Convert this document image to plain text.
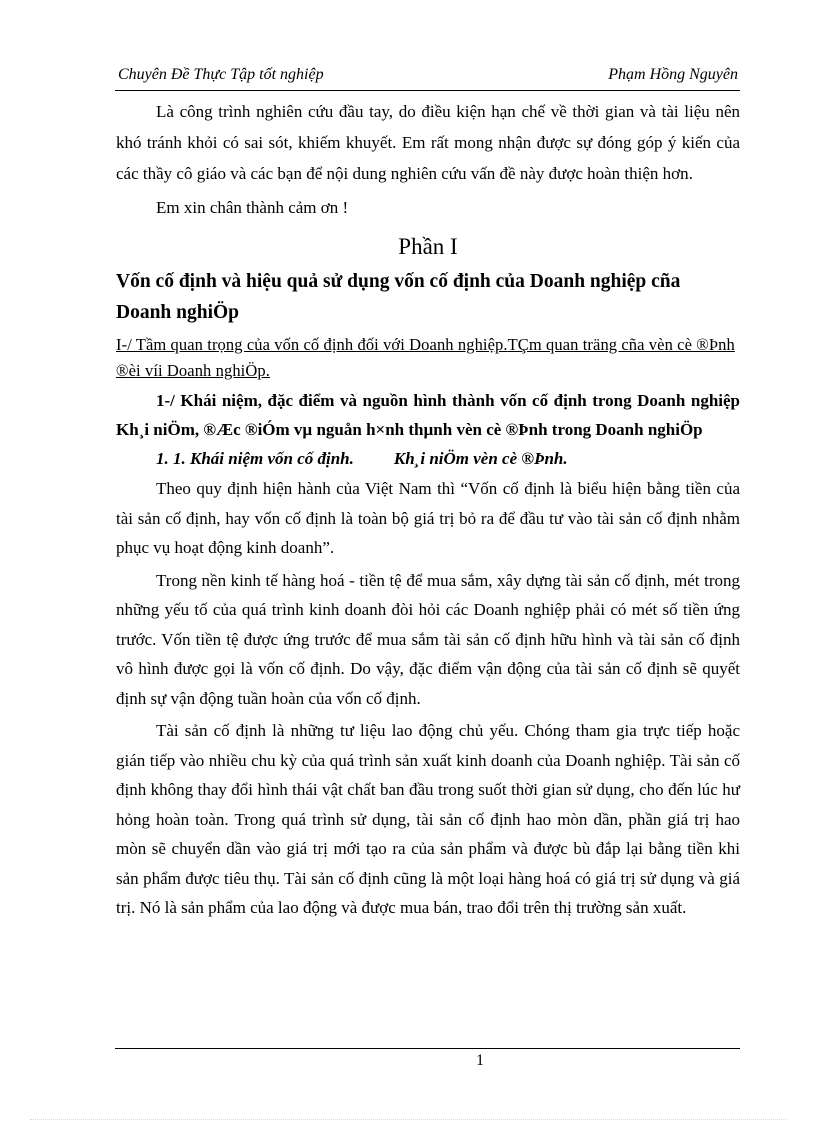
Chuyên Đề Thực Tập tốt nghiệp	Phạm Hồng Nguyên

Là công trình nghiên cứu đầu tay, do điều kiện hạn chế về thời gian và tài liệu nên khó tránh khỏi có sai sót, khiếm khuyết. Em rất mong nhận được sự đóng góp ý kiến của các thầy cô giáo và các bạn để nội dung nghiên cứu vấn đề này được hoàn thiện hơn.

Em xin chân thành cảm ơn !

Phần I
Vốn cố định và hiệu quả sử dụng vốn cố định của Doanh nghiệp cña Doanh nghiÖp
I-/ Tầm quan trọng của vốn cố định đối với Doanh nghiệp.TÇm quan träng cña vèn cè ®Þnh ®èi víi Doanh nghiÖp.

1-/ Khái niệm, đặc điểm và nguồn hình thành vốn cố định trong Doanh nghiệp Kh¸i niÖm, ®Æc ®iÓm vµ nguån h×nh thµnh vèn cè ®Þnh trong Doanh nghiÖp

1. 1. Khái niệm vốn cố định. Kh¸i niÖm vèn cè ®Þnh.

Theo quy định hiện hành của Việt Nam thì “Vốn cố định là biểu hiện bằng tiền của tài sản cố định, hay vốn cố định là toàn bộ giá trị bỏ ra để đầu tư vào tài sản cố định nhằm phục vụ hoạt động kinh doanh”.

Trong nền kinh tế hàng hoá - tiền tệ để mua sắm, xây dựng tài sản cố định, mét trong những yếu tố của quá trình kinh doanh đòi hỏi các Doanh nghiệp phải có mét số tiền ứng trước. Vốn tiền tệ được ứng trước để mua sắm tài sản cố định hữu hình và tài sản cố định vô hình được gọi là vốn cố định. Do vậy, đặc điểm vận động của tài sản cố định sẽ quyết định sự vận động tuần hoàn của vốn cố định.

Tài sản cố định là những tư liệu lao động chủ yếu. Chóng tham gia trực tiếp hoặc gián tiếp vào nhiều chu kỳ của quá trình sản xuất kinh doanh của Doanh nghiệp. Tài sản cố định không thay đổi hình thái vật chất ban đầu trong suốt thời gian sử dụng, cho đến lúc hư hỏng hoàn toàn. Trong quá trình sử dụng, tài sản cố định hao mòn dần, phần giá trị hao mòn sẽ chuyển dần vào giá trị mới tạo ra của sản phẩm và được bù đắp lại bằng tiền khi sản phẩm được tiêu thụ. Tài sản cố định cũng là một loại hàng hoá có giá trị sử dụng và giá trị. Nó là sản phẩm của lao động và được mua bán, trao đổi trên thị trường sản xuất.

1
